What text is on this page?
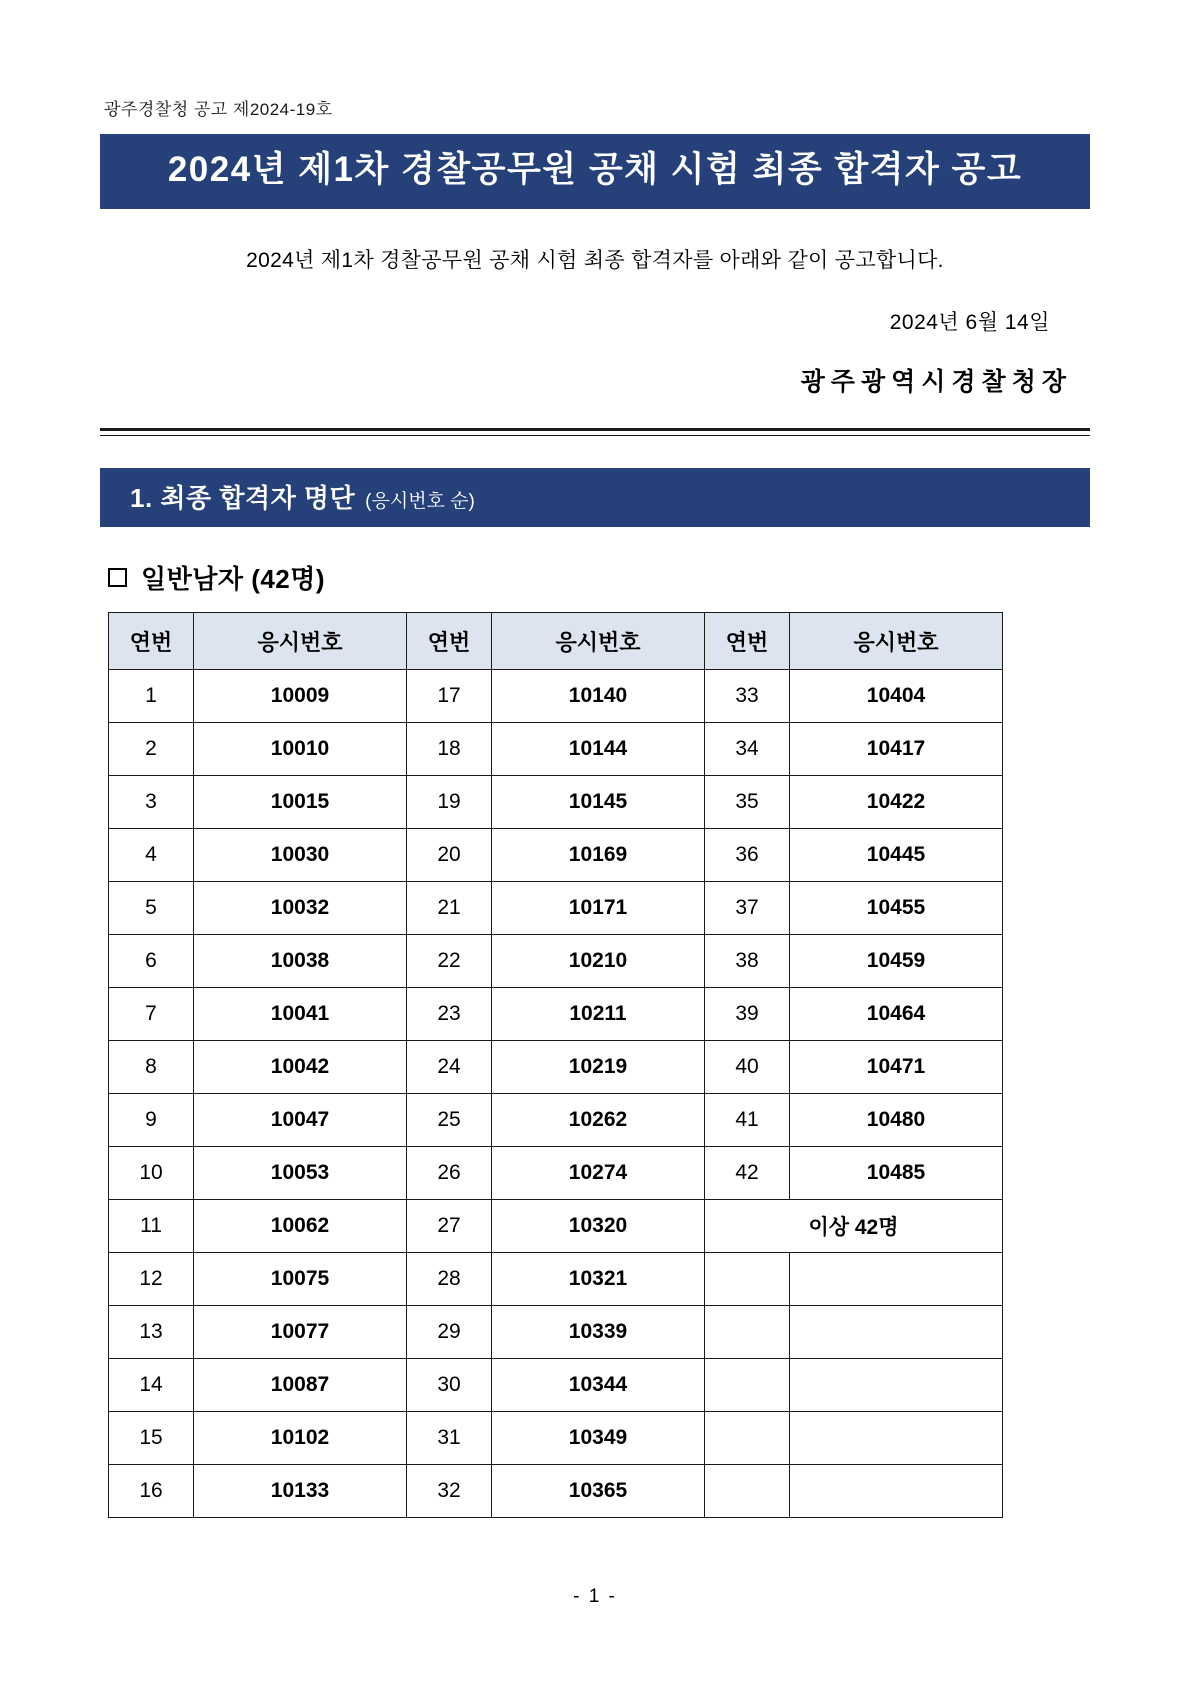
광주경찰청 공고 제2024-19호
2024년 제1차 경찰공무원 공채 시험 최종 합격자 공고
2024년 제1차 경찰공무원 공채 시험 최종 합격자를 아래와 같이 공고합니다.
2024년 6월 14일
광주광역시경찰청장
1. 최종 합격자 명단 (응시번호 순)
일반남자 (42명)
연번	응시번호	연번	응시번호	연번	응시번호
1	10009	17	10140	33	10404
2	10010	18	10144	34	10417
3	10015	19	10145	35	10422
4	10030	20	10169	36	10445
5	10032	21	10171	37	10455
6	10038	22	10210	38	10459
7	10041	23	10211	39	10464
8	10042	24	10219	40	10471
9	10047	25	10262	41	10480
10	10053	26	10274	42	10485
11	10062	27	10320	이상 42명	
12	10075	28	10321		
13	10077	29	10339		
14	10087	30	10344		
15	10102	31	10349		
16	10133	32	10365		
- 1 -
